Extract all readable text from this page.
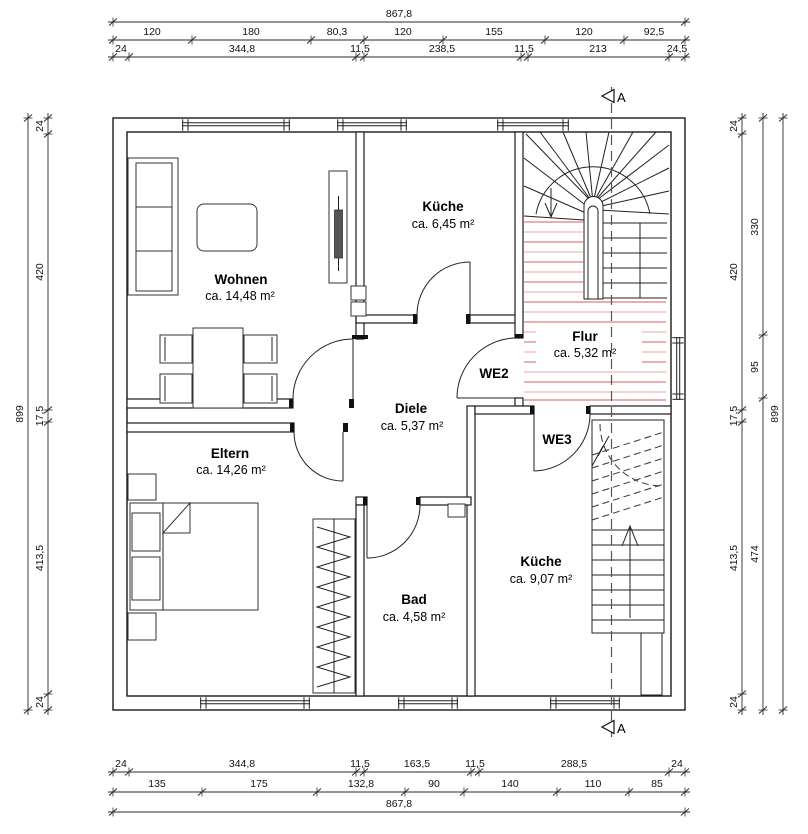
Wohnen
ca. 14,48 m²
Küche
ca. 6,45 m²
Flur
ca. 5,32 m²
Diele
ca. 5,37 m²
Eltern
ca. 14,26 m²
Bad
ca. 4,58 m²
Küche
ca. 9,07 m²
WE2
WE3
A
A
867,8
120	180	80,3	120	155	120	92,5
24	344,8	11,5	238,5	11,5	213	24,5
24	344,8	11,5	163,5	11,5	288,5	24
135	175	132,8	90	140	110	85
867,8
899
24
420
17,5
413,5
24
24
420
17,5
413,5
24
330
95
474
899
